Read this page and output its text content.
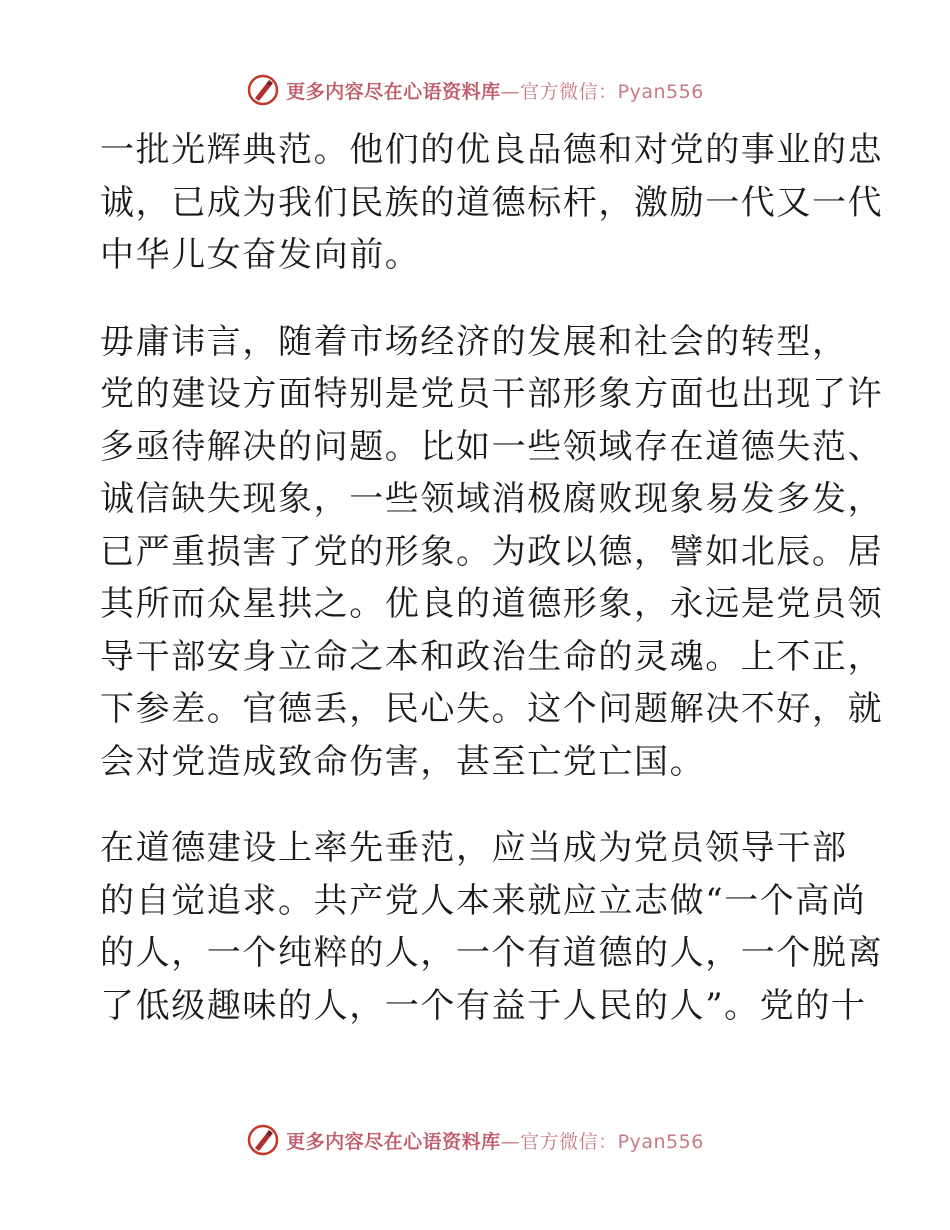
更多内容尽在心语资料库—官方微信：Pyan556

一批光辉典范。他们的优良品德和对党的事业的忠

诚，已成为我们民族的道德标杆，激励一代又一代

中华儿女奋发向前。

毋庸讳言，随着市场经济的发展和社会的转型，

党的建设方面特别是党员干部形象方面也出现了许

多亟待解决的问题。比如一些领域存在道德失范、

诚信缺失现象，一些领域消极腐败现象易发多发，

已严重损害了党的形象。为政以德，譬如北辰。居

其所而众星拱之。优良的道德形象，永远是党员领

导干部安身立命之本和政治生命的灵魂。上不正，

下参差。官德丢，民心失。这个问题解决不好，就

会对党造成致命伤害，甚至亡党亡国。

在道德建设上率先垂范，应当成为党员领导干部

的自觉追求。共产党人本来就应立志做“一个高尚

的人，一个纯粹的人，一个有道德的人，一个脱离

了低级趣味的人，一个有益于人民的人”。党的十

更多内容尽在心语资料库—官方微信：Pyan556
